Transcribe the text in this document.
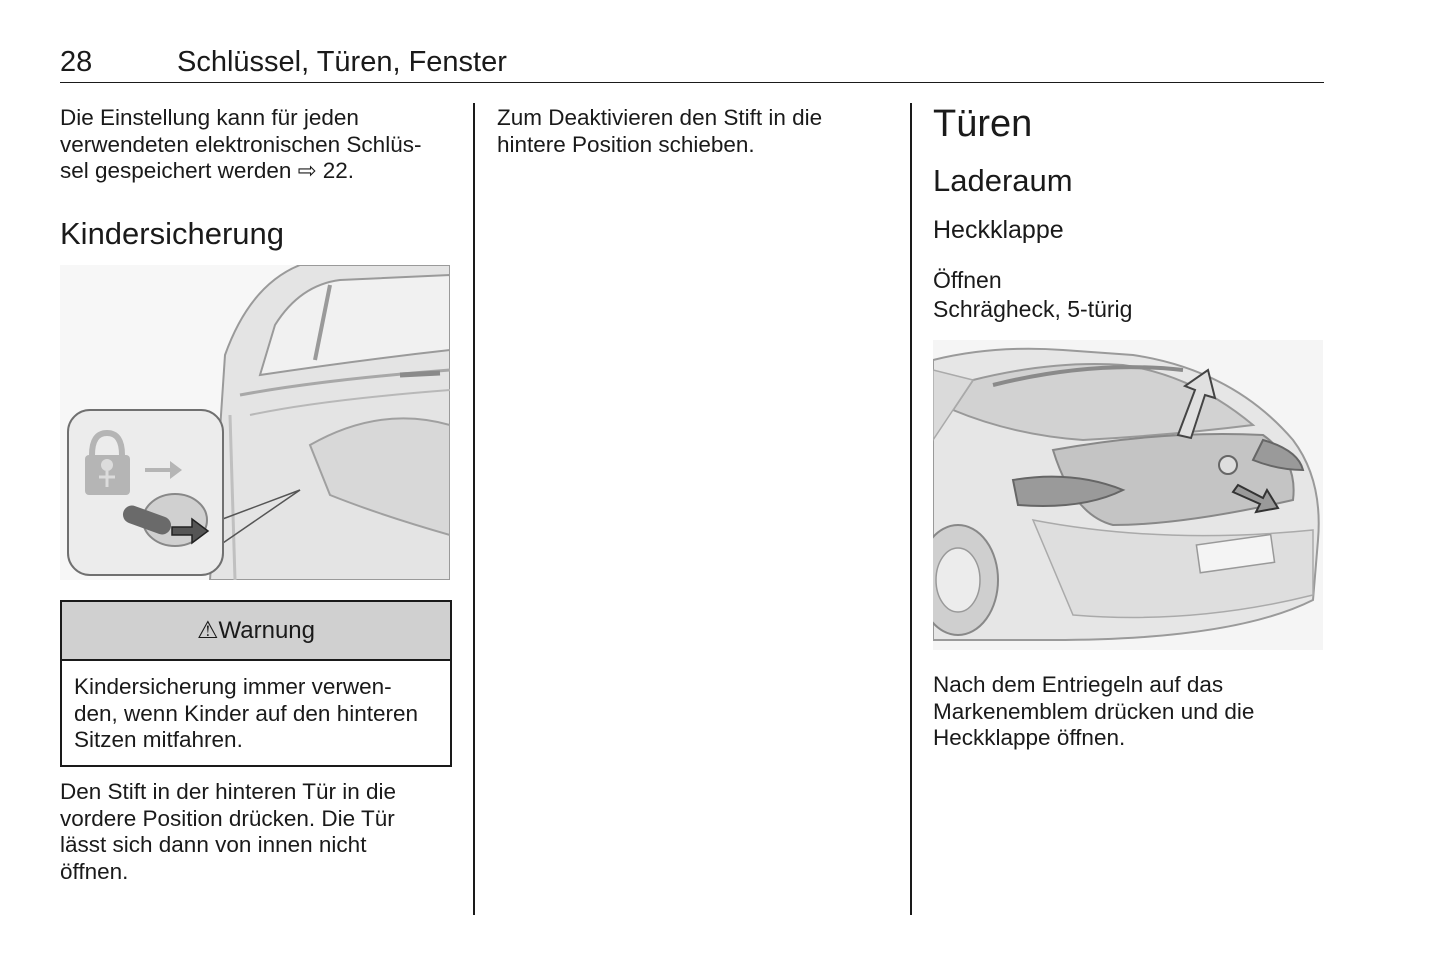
28	Schlüssel, Türen, Fenster

Die Einstellung kann für jeden
verwendeten elektronischen Schlüs-
sel gespeichert werden ⇨ 22.

Kindersicherung
⚠ Warnung
Kindersicherung immer verwen-
den, wenn Kinder auf den hinteren
Sitzen mitfahren.

Den Stift in der hinteren Tür in die
vordere Position drücken. Die Tür
lässt sich dann von innen nicht
öffnen.

Zum Deaktivieren den Stift in die
hintere Position schieben.	Türen
Laderaum
Heckklappe
Öffnen
Schrägheck, 5-türig

Nach dem Entriegeln auf das
Markenemblem drücken und die
Heckklappe öffnen.
